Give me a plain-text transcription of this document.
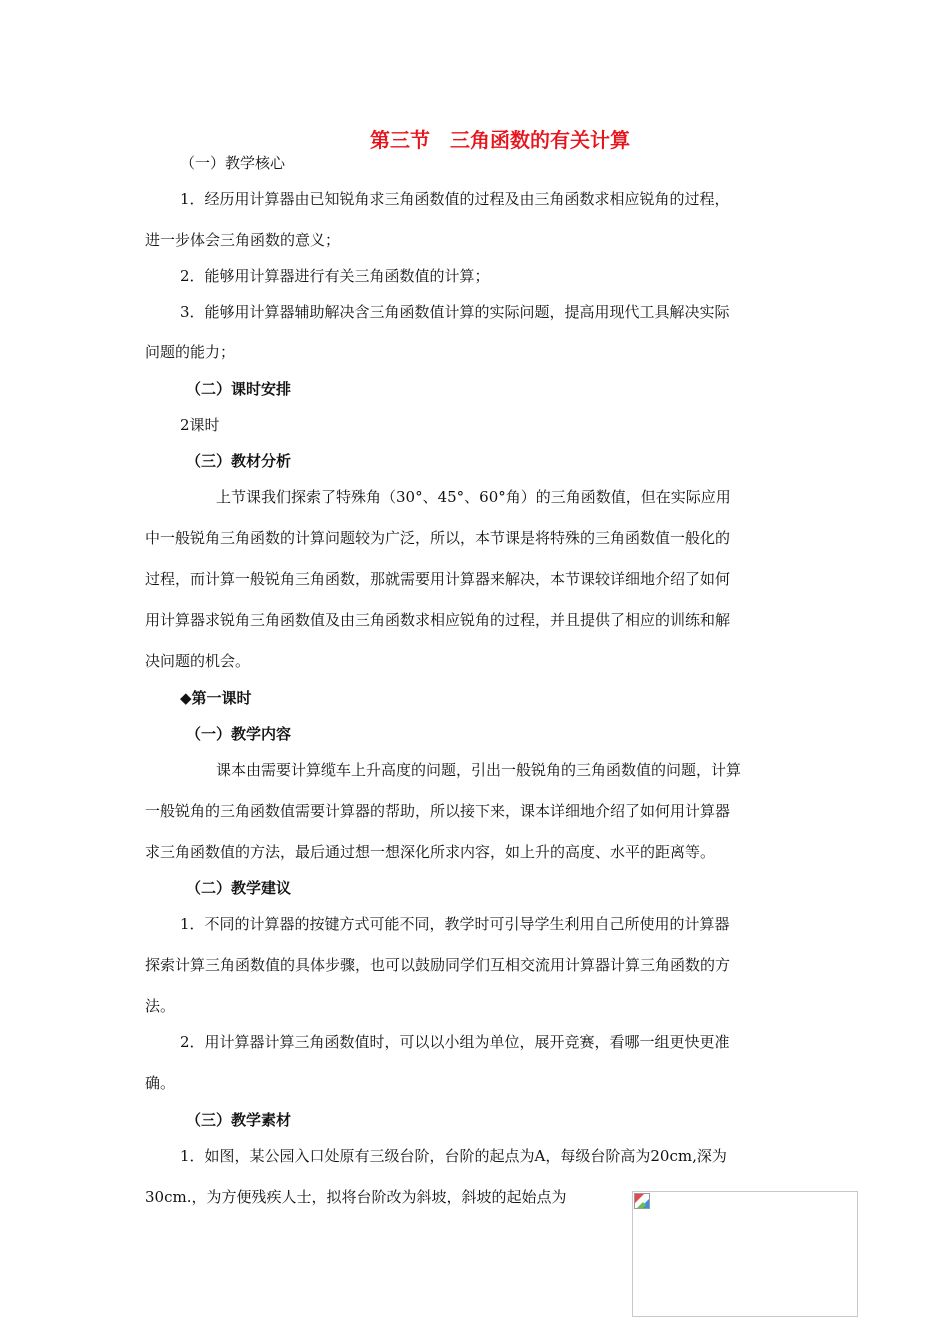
第三节　三角函数的有关计算
（一）教学核心
1．经历用计算器由已知锐角求三角函数值的过程及由三角函数求相应锐角的过程，
进一步体会三角函数的意义；
2．能够用计算器进行有关三角函数值的计算；
3．能够用计算器辅助解决含三角函数值计算的实际问题，提高用现代工具解决实际
问题的能力；
（二）课时安排
2课时
（三）教材分析
上节课我们探索了特殊角（30°、45°、60°角）的三角函数值，但在实际应用
中一般锐角三角函数的计算问题较为广泛，所以，本节课是将特殊的三角函数值一般化的
过程，而计算一般锐角三角函数，那就需要用计算器来解决，本节课较详细地介绍了如何
用计算器求锐角三角函数值及由三角函数求相应锐角的过程，并且提供了相应的训练和解
决问题的机会。
◆第一课时
（一）教学内容
课本由需要计算缆车上升高度的问题，引出一般锐角的三角函数值的问题，计算
一般锐角的三角函数值需要计算器的帮助，所以接下来，课本详细地介绍了如何用计算器
求三角函数值的方法，最后通过想一想深化所求内容，如上升的高度、水平的距离等。
（二）教学建议
1．不同的计算器的按键方式可能不同，教学时可引导学生利用自己所使用的计算器
探索计算三角函数值的具体步骤，也可以鼓励同学们互相交流用计算器计算三角函数的方
法。
2．用计算器计算三角函数值时，可以以小组为单位，展开竞赛，看哪一组更快更准
确。
（三）教学素材
1．如图，某公园入口处原有三级台阶，台阶的起点为A，每级台阶高为20cm,深为
30cm.，为方便残疾人士，拟将台阶改为斜坡，斜坡的起始点为
